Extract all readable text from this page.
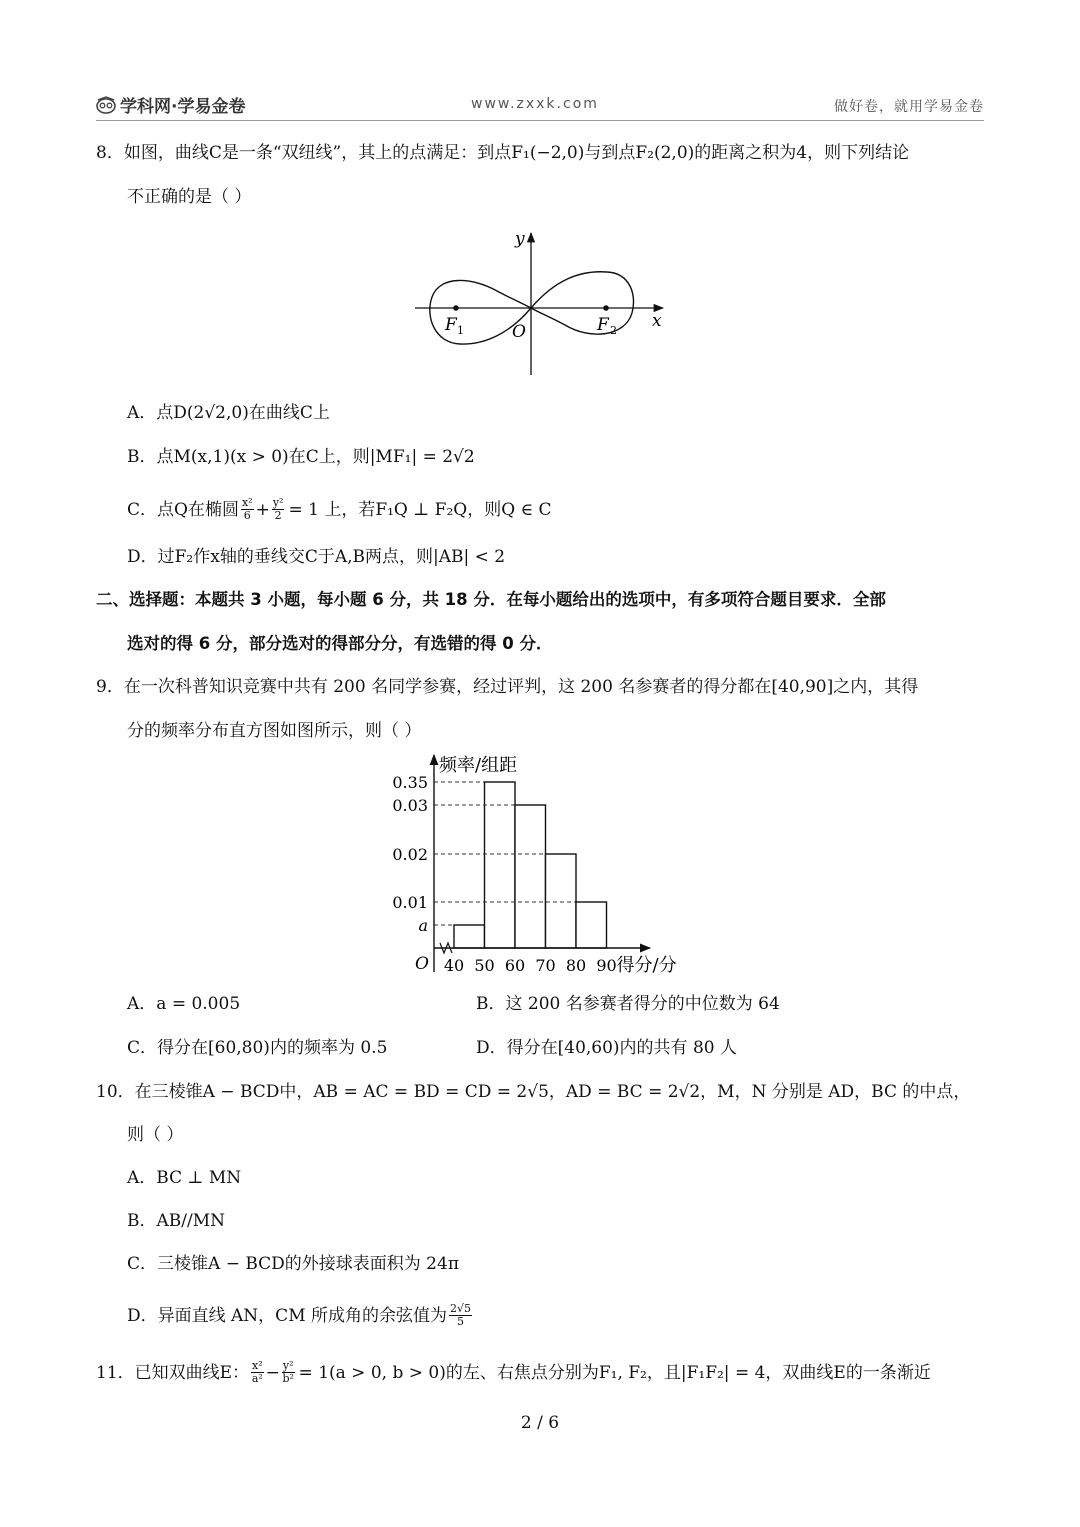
学科网·学易金卷	www.zxxk.com	做好卷，就用学易金卷
8．如图，曲线C是一条“双纽线”，其上的点满足：到点F₁(−2,0)与到点F₂(2,0)的距离之积为4，则下列结论
不正确的是（ ）
y
x
O
F 1	F 2
A．点D(2√2,0)在曲线C上
B．点M(x,1)(x > 0)在C上，则|MF₁| = 2√2
C．点Q在椭圆 $\frac{\text{x²}}{6} + \frac{\text{y²}}{2} = 1$ 上，若F₁Q ⊥ F₂Q，则Q ∈ C
D．过F₂作x轴的垂线交C于A,B两点，则|AB| < 2
二、选择题：本题共 3 小题，每小题 6 分，共 18 分．在每小题给出的选项中，有多项符合题目要求．全部
选对的得 6 分，部分选对的得部分分，有选错的得 0 分．
9．在一次科普知识竞赛中共有 200 名同学参赛，经过评判，这 200 名参赛者的得分都在[40,90]之内，其得
分的频率分布直方图如图所示，则（ ）
a
0.01
0.02
0.03
0.35
40 50 60 70 80 90
O
频率/组距
得分/分
A．a = 0.005	B．这 200 名参赛者得分的中位数为 64
C．得分在[60,80)内的频率为 0.5	D．得分在[40,60)内的共有 80 人
10．在三棱锥A − BCD中，AB = AC = BD = CD = 2√5，AD = BC = 2√2，M，N 分别是 AD，BC 的中点，
则（ ）
A．BC ⊥ MN
B．AB//MN
C．三棱锥A − BCD的外接球表面积为 24π
D．异面直线 AN，CM 所成角的余弦值为 $\frac{2√5}{5}$
11．已知双曲线E： $\frac{\text{x²}}{\text{a²}} - \frac{\text{y²}}{\text{b²}} = 1(a > 0$, b > 0)的左、右焦点分别为F₁, F₂，且|F₁F₂| = 4，双曲线E的一条渐近
2 / 6
